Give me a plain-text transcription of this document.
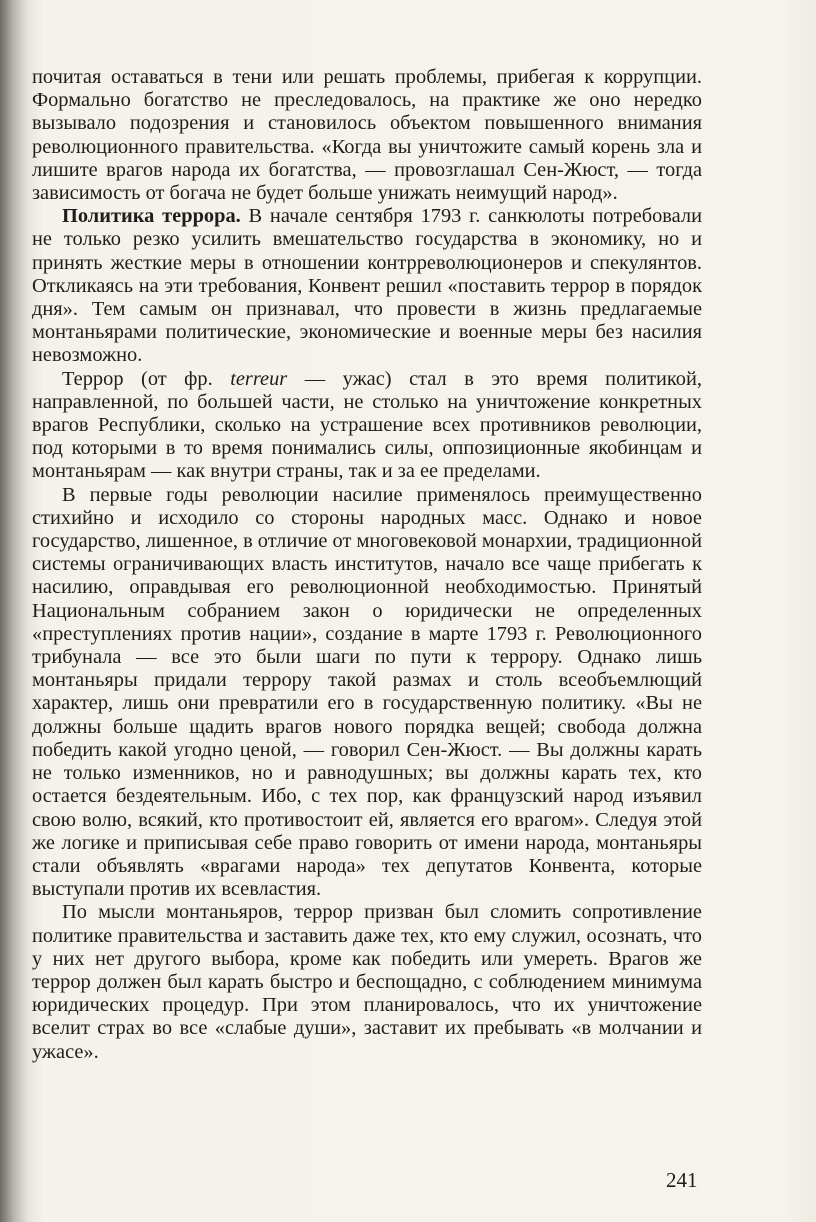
почитая оставаться в тени или решать проблемы, прибегая к коррупции. Формально богатство не преследовалось, на практике же оно нередко вызывало подозрения и становилось объектом повышенного внимания революционного правительства. «Когда вы уничтожите самый корень зла и лишите врагов народа их богатства, — провозглашал Сен-Жюст, — тогда зависимость от богача не будет больше унижать неимущий народ».

Политика террора. В начале сентября 1793 г. санкюлоты потребовали не только резко усилить вмешательство государства в экономику, но и принять жесткие меры в отношении контрреволюционеров и спекулянтов. Откликаясь на эти требования, Конвент решил «поставить террор в порядок дня». Тем самым он признавал, что провести в жизнь предлагаемые монтаньярами политические, экономические и военные меры без насилия невозможно.

Террор (от фр. terreur — ужас) стал в это время политикой, направленной, по большей части, не столько на уничтожение конкретных врагов Республики, сколько на устрашение всех противников революции, под которыми в то время понимались силы, оппозиционные якобинцам и монтаньярам — как внутри страны, так и за ее пределами.

В первые годы революции насилие применялось преимущественно стихийно и исходило со стороны народных масс. Однако и новое государство, лишенное, в отличие от многовековой монархии, традиционной системы ограничивающих власть институтов, начало все чаще прибегать к насилию, оправдывая его революционной необходимостью. Принятый Национальным собранием закон о юридически не определенных «преступлениях против нации», создание в марте 1793 г. Революционного трибунала — все это были шаги по пути к террору. Однако лишь монтаньяры придали террору такой размах и столь всеобъемлющий характер, лишь они превратили его в государственную политику. «Вы не должны больше щадить врагов нового порядка вещей; свобода должна победить какой угодно ценой, — говорил Сен-Жюст. — Вы должны карать не только изменников, но и равнодушных; вы должны карать тех, кто остается бездеятельным. Ибо, с тех пор, как французский народ изъявил свою волю, всякий, кто противостоит ей, является его врагом». Следуя этой же логике и приписывая себе право говорить от имени народа, монтаньяры стали объявлять «врагами народа» тех депутатов Конвента, которые выступали против их всевластия.

По мысли монтаньяров, террор призван был сломить сопротивление политике правительства и заставить даже тех, кто ему служил, осознать, что у них нет другого выбора, кроме как победить или умереть. Врагов же террор должен был карать быстро и беспощадно, с соблюдением минимума юридических процедур. При этом планировалось, что их уничтожение вселит страх во все «слабые души», заставит их пребывать «в молчании и ужасе».

241
